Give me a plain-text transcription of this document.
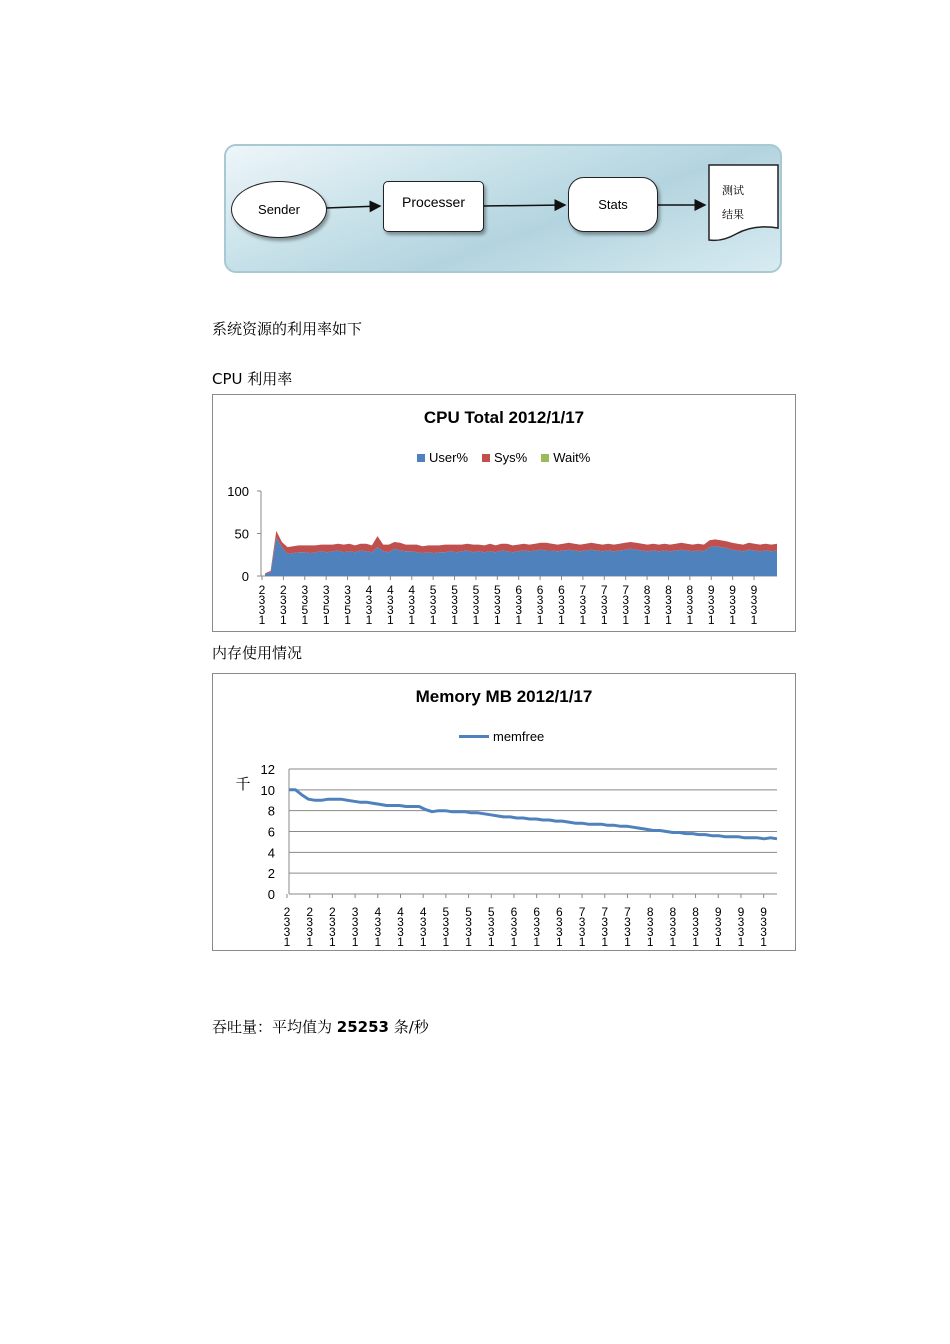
Sender	Processer	Stats
测试
结果
系统资源的利用率如下
CPU 利用率
CPU Total 2012/1/17
User%	Sys%	Wait%
0
50
100
2
3
3
1
2
3
3
1
3
3
5
1
3
3
5
1
3
3
5
1
4
3
3
1
4
3
3
1
4
3
3
1
5
3
3
1
5
3
3
1
5
3
3
1
5
3
3
1
6
3
3
1
6
3
3
1
6
3
3
1
7
3
3
1
7
3
3
1
7
3
3
1
8
3
3
1
8
3
3
1
8
3
3
1
9
3
3
1
9
3
3
1
9
3
3
1
内存使用情况
Memory MB 2012/1/17
memfree
0
2
4
6
8
10
12
千
2
3
3
1
2
3
3
1
2
3
3
1
3
3
3
1
4
3
3
1
4
3
3
1
4
3
3
1
5
3
3
1
5
3
3
1
5
3
3
1
6
3
3
1
6
3
3
1
6
3
3
1
7
3
3
1
7
3
3
1
7
3
3
1
8
3
3
1
8
3
3
1
8
3
3
1
9
3
3
1
9
3
3
1
9
3
3
1
吞吐量：平均值为 25253 条/秒
